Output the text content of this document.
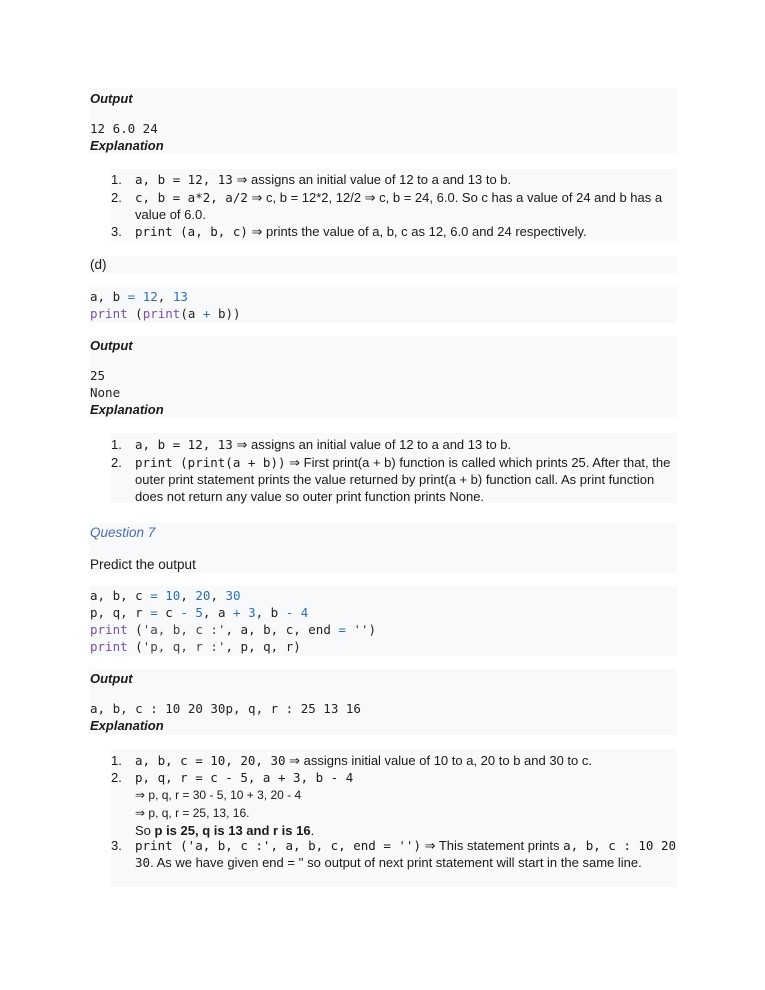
Output
12 6.0 24
Explanation
1.	a, b = 12, 13 ⇒ assigns an initial value of 12 to a and 13 to b.
2.	c, b = a*2, a/2 ⇒ c, b = 12*2, 12/2 ⇒ c, b = 24, 6.0. So c has a value of 24 and b has a value of 6.0.
3.	print (a, b, c) ⇒ prints the value of a, b, c as 12, 6.0 and 24 respectively.
(d)
a, b = 12, 13
print (print(a + b))
Output
25
None
Explanation
1.	a, b = 12, 13 ⇒ assigns an initial value of 12 to a and 13 to b.
2.	print (print(a + b)) ⇒ First print(a + b) function is called which prints 25. After that, the outer print statement prints the value returned by print(a + b) function call. As print function does not return any value so outer print function prints None.
Question 7
Predict the output
a, b, c = 10, 20, 30
p, q, r = c - 5, a + 3, b - 4
print ('a, b, c :', a, b, c, end = '')
print ('p, q, r :', p, q, r)
Output
a, b, c : 10 20 30p, q, r : 25 13 16
Explanation
1.	a, b, c = 10, 20, 30 ⇒ assigns initial value of 10 to a, 20 to b and 30 to c.
2.	p, q, r = c - 5, a + 3, b - 4
⇒ p, q, r = 30 - 5, 10 + 3, 20 - 4
⇒ p, q, r = 25, 13, 16.
So p is 25, q is 13 and r is 16.
3.	print ('a, b, c :', a, b, c, end = '') ⇒ This statement prints a, b, c : 10 20 30. As we have given end = '' so output of next print statement will start in the same line.
